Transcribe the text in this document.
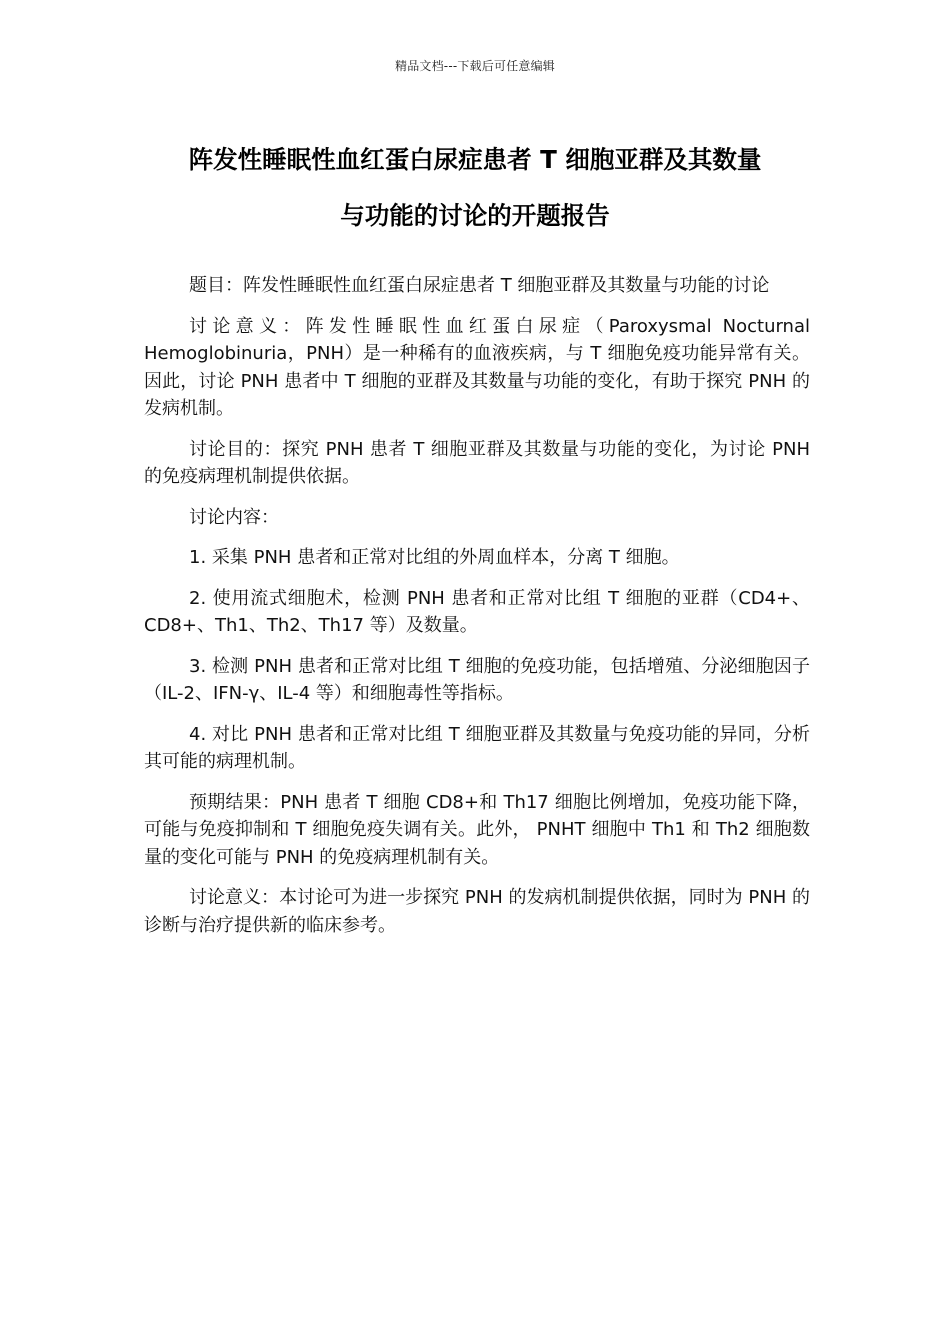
精品文档---下载后可任意编辑
阵发性睡眠性血红蛋白尿症患者 T 细胞亚群及其数量
与功能的讨论的开题报告

题目：阵发性睡眠性血红蛋白尿症患者 T 细胞亚群及其数量与功能的讨论

讨论意义：阵发性睡眠性血红蛋白尿症（Paroxysmal Nocturnal Hemoglobinuria，PNH）是一种稀有的血液疾病，与 T 细胞免疫功能异常有关。因此，讨论 PNH 患者中 T 细胞的亚群及其数量与功能的变化，有助于探究 PNH 的发病机制。

讨论目的：探究 PNH 患者 T 细胞亚群及其数量与功能的变化，为讨论 PNH 的免疫病理机制提供依据。

讨论内容：

1. 采集 PNH 患者和正常对比组的外周血样本，分离 T 细胞。

2. 使用流式细胞术，检测 PNH 患者和正常对比组 T 细胞的亚群（CD4+、CD8+、Th1、Th2、Th17 等）及数量。

3. 检测 PNH 患者和正常对比组 T 细胞的免疫功能，包括增殖、分泌细胞因子（IL-2、IFN-γ、IL-4 等）和细胞毒性等指标。

4. 对比 PNH 患者和正常对比组 T 细胞亚群及其数量与免疫功能的异同，分析其可能的病理机制。

预期结果：PNH 患者 T 细胞 CD8+和 Th17 细胞比例增加，免疫功能下降，可能与免疫抑制和 T 细胞免疫失调有关。此外， PNHT 细胞中 Th1 和 Th2 细胞数量的变化可能与 PNH 的免疫病理机制有关。

讨论意义：本讨论可为进一步探究 PNH 的发病机制提供依据，同时为 PNH 的诊断与治疗提供新的临床参考。
